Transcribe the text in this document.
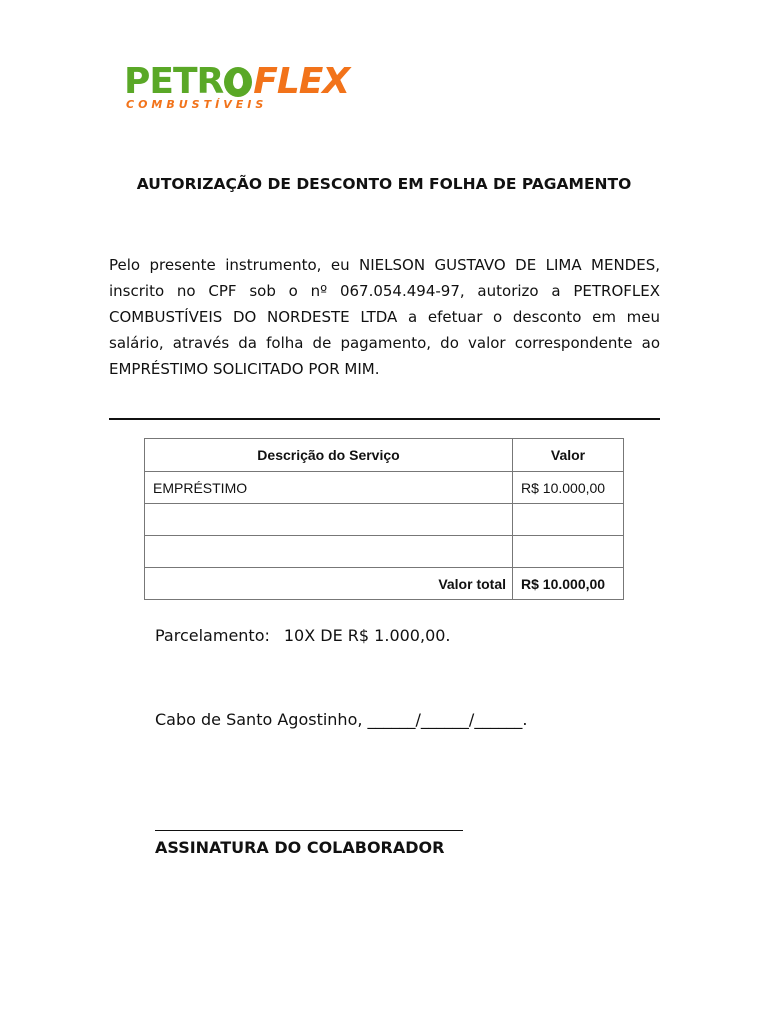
PETR FLEX
COMBUSTÍVEIS
AUTORIZAÇÃO DE DESCONTO EM FOLHA DE PAGAMENTO
Pelo presente instrumento, eu NIELSON GUSTAVO DE LIMA MENDES, inscrito no CPF sob o nº 067.054.494-97, autorizo a PETROFLEX COMBUSTÍVEIS DO NORDESTE LTDA a efetuar o desconto em meu salário, através da folha de pagamento, do valor correspondente ao EMPRÉSTIMO SOLICITADO POR MIM.
Descrição do Serviço	Valor
EMPRÉSTIMO	R$ 10.000,00

Valor total	R$ 10.000,00
Parcelamento: 10X DE R$ 1.000,00.
Cabo de Santo Agostinho, ______/______/______.
ASSINATURA DO COLABORADOR
